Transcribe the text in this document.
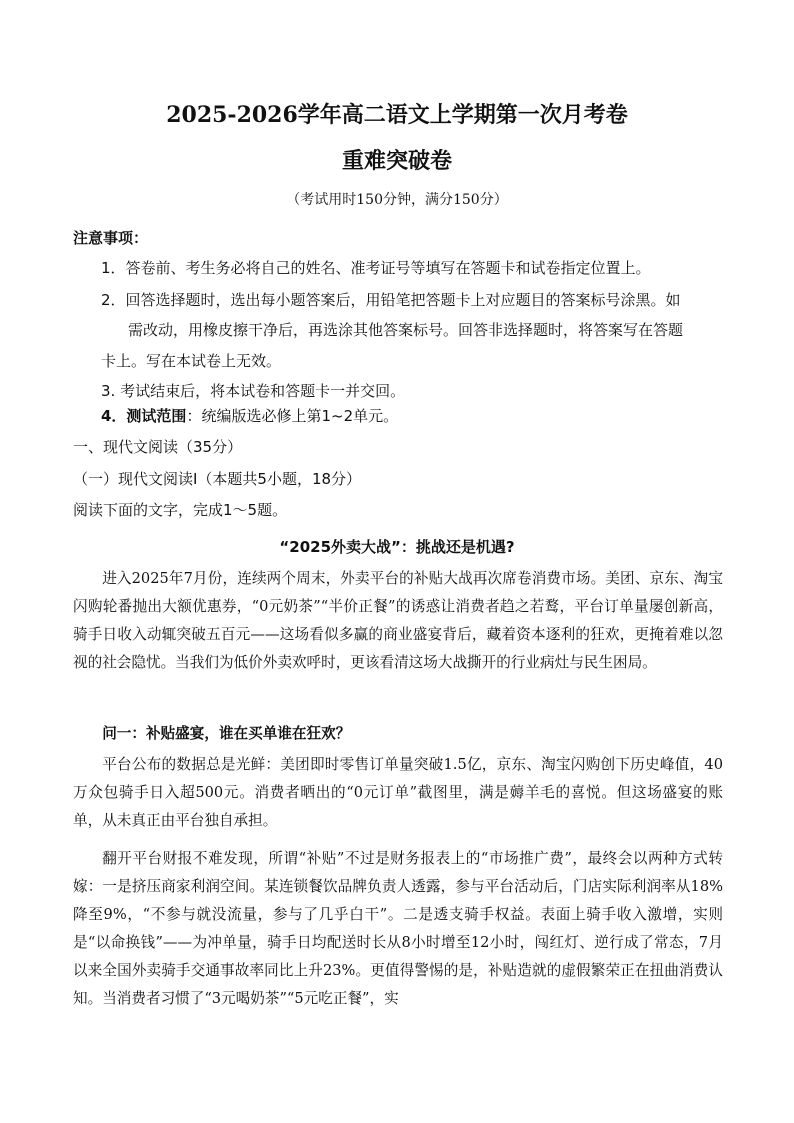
2025-2026学年高二语文上学期第一次月考卷
重难突破卷
（考试用时150分钟，满分150分）
注意事项：
1．答卷前、考生务必将自己的姓名、准考证号等填写在答题卡和试卷指定位置上。
2．回答选择题时，选出每小题答案后，用铅笔把答题卡上对应题目的答案标号涂黑。如
需改动，用橡皮擦干净后，再选涂其他答案标号。回答非选择题时，将答案写在答题
卡上。写在本试卷上无效。
3. 考试结束后，将本试卷和答题卡一并交回。
4．测试范围：统编版选必修上第1~2单元。
一、现代文阅读（35分）
（一）现代文阅读Ⅰ（本题共5小题，18分）
阅读下面的文字，完成1～5题。
“2025外卖大战”：挑战还是机遇?

进入2025年7月份，连续两个周末，外卖平台的补贴大战再次席卷消费市场。美团、京东、淘宝闪购轮番抛出大额优惠券，“0元奶茶”“半价正餐”的诱惑让消费者趋之若鹜，平台订单量屡创新高，骑手日收入动辄突破五百元——这场看似多赢的商业盛宴背后，藏着资本逐利的狂欢，更掩着难以忽视的社会隐忧。当我们为低价外卖欢呼时，更该看清这场大战撕开的行业病灶与民生困局。

问一：补贴盛宴，谁在买单谁在狂欢？

平台公布的数据总是光鲜：美团即时零售订单量突破1.5亿，京东、淘宝闪购创下历史峰值，40万众包骑手日入超500元。消费者晒出的“0元订单”截图里，满是薅羊毛的喜悦。但这场盛宴的账单，从未真正由平台独自承担。

翻开平台财报不难发现，所谓“补贴”不过是财务报表上的“市场推广费”，最终会以两种方式转嫁：一是挤压商家利润空间。某连锁餐饮品牌负责人透露，参与平台活动后，门店实际利润率从18%降至9%，“不参与就没流量，参与了几乎白干”。二是透支骑手权益。表面上骑手收入激增，实则是“以命换钱”——为冲单量，骑手日均配送时长从8小时增至12小时，闯红灯、逆行成了常态，7月以来全国外卖骑手交通事故率同比上升23%。更值得警惕的是，补贴造就的虚假繁荣正在扭曲消费认知。当消费者习惯了“3元喝奶茶”“5元吃正餐”，实
